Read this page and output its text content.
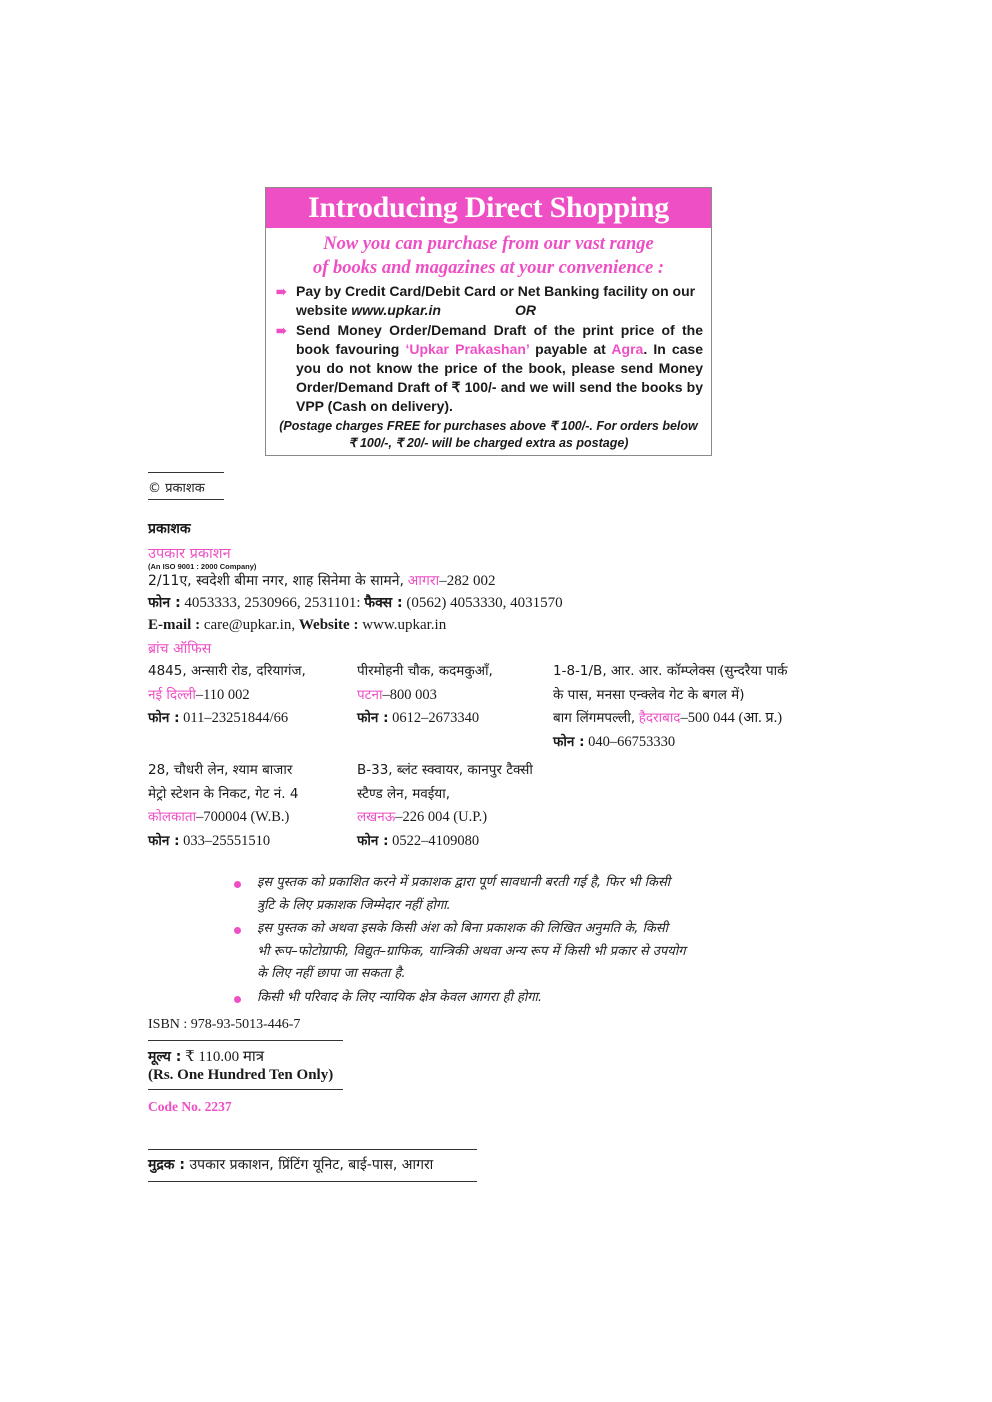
Introducing Direct Shopping
Now you can purchase from our vast range
of books and magazines at your convenience :
➠ Pay by Credit Card/Debit Card or Net Banking facility on our
website
www.upkar.in	OR
➠ Send Money Order/Demand Draft of the print price of the book favouring ‘Upkar Prakashan’ payable at Agra. In case you do not know the price of the book, please send Money Order/Demand Draft of ₹ 100/- and we will send the books by VPP (Cash on delivery).
(Postage charges FREE for purchases above ₹ 100/-. For orders below
₹ 100/-, ₹ 20/- will be charged extra as postage)
© प्रकाशक
प्रकाशक
उपकार प्रकाशन
(An ISO 9001 : 2000 Company)
2/11ए, स्वदेशी बीमा नगर, शाह सिनेमा के सामने, आगरा–282 002
फोन : 4053333, 2530966, 2531101: फैक्स : (0562) 4053330, 4031570
E-mail : care@upkar.in, Website : www.upkar.in
ब्रांच ऑफिस
4845, अन्सारी रोड, दरियागंज,
नई दिल्ली–110 002
फोन : 011–23251844/66
पीरमोहनी चौक, कदमकुआँ,
पटना–800 003
फोन : 0612–2673340
1-8-1/B, आर. आर. कॉम्प्लेक्स (सुन्दरैया पार्क
के पास, मनसा एन्क्लेव गेट के बगल में)
बाग लिंगमपल्ली, हैदराबाद–500 044 (आ. प्र.)
फोन : 040–66753330
28, चौधरी लेन, श्याम बाजार
मेट्रो स्टेशन के निकट, गेट नं. 4
कोलकाता–700004 (W.B.)
फोन : 033–25551510
B-33, ब्लंट स्क्वायर, कानपुर टैक्सी
स्टैण्ड लेन, मवईया,
लखनऊ–226 004 (U.P.)
फोन : 0522–4109080
इस पुस्तक को प्रकाशित करने में प्रकाशक द्वारा पूर्ण सावधानी बरती गई है, फिर भी किसी
त्रुटि के लिए प्रकाशक जिम्मेदार नहीं होगा.
इस पुस्तक को अथवा इसके किसी अंश को बिना प्रकाशक की लिखित अनुमति के, किसी
भी रूप–फोटोग्राफी, विद्युत–ग्राफिक, यान्त्रिकी अथवा अन्य रूप में किसी भी प्रकार से उपयोग
के लिए नहीं छापा जा सकता है.
किसी भी परिवाद के लिए न्यायिक क्षेत्र केवल आगरा ही होगा.
ISBN : 978-93-5013-446-7
मूल्य : ₹ 110.00 मात्र
(Rs. One Hundred Ten Only)
Code No. 2237
मुद्रक : उपकार प्रकाशन, प्रिंटिंग यूनिट, बाई-पास, आगरा
